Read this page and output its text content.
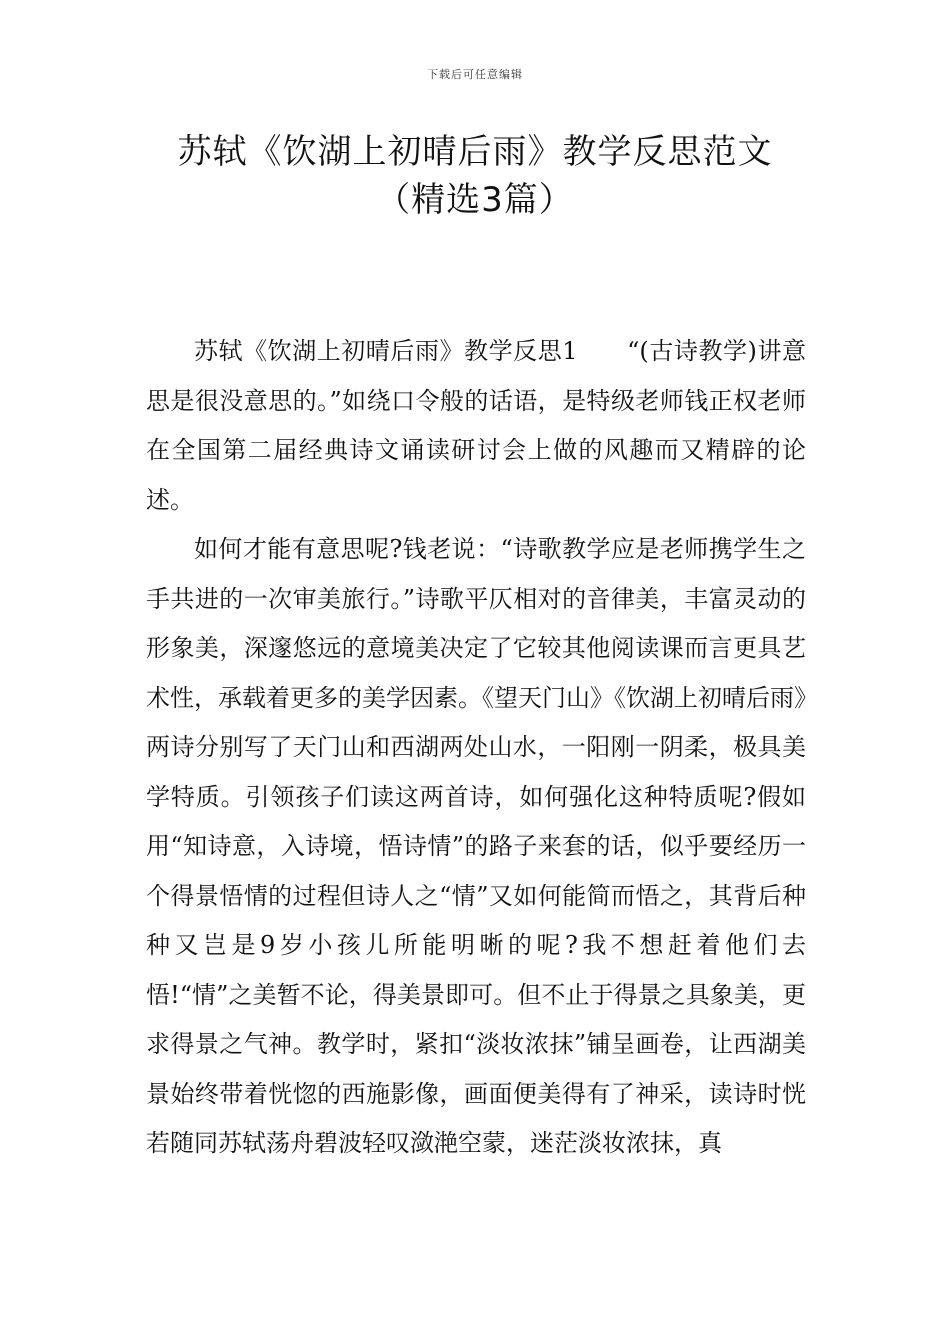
下载后可任意编辑
苏轼《饮湖上初晴后雨》教学反思范文
（精选3篇）

苏轼《饮湖上初晴后雨》教学反思1　　“(古诗教学)讲意思是很没意思的。”如绕口令般的话语，是特级老师钱正权老师在全国第二届经典诗文诵读研讨会上做的风趣而又精辟的论述。

如何才能有意思呢?钱老说：“诗歌教学应是老师携学生之手共进的一次审美旅行。”诗歌平仄相对的音律美，丰富灵动的形象美，深邃悠远的意境美决定了它较其他阅读课而言更具艺术性，承载着更多的美学因素。《望天门山》《饮湖上初晴后雨》两诗分别写了天门山和西湖两处山水，一阳刚一阴柔，极具美学特质。引领孩子们读这两首诗，如何强化这种特质呢?假如用“知诗意，入诗境，悟诗情”的路子来套的话，似乎要经历一个得景悟情的过程但诗人之“情”又如何能简而悟之，其背后种种又岂是9岁小孩儿所能明晰的呢?我不想赶着他们去悟!“情”之美暂不论，得美景即可。但不止于得景之具象美，更求得景之气神。教学时，紧扣“淡妆浓抹”铺呈画卷，让西湖美景始终带着恍惚的西施影像，画面便美得有了神采，读诗时恍若随同苏轼荡舟碧波轻叹潋滟空蒙，迷茫淡妆浓抹，真
